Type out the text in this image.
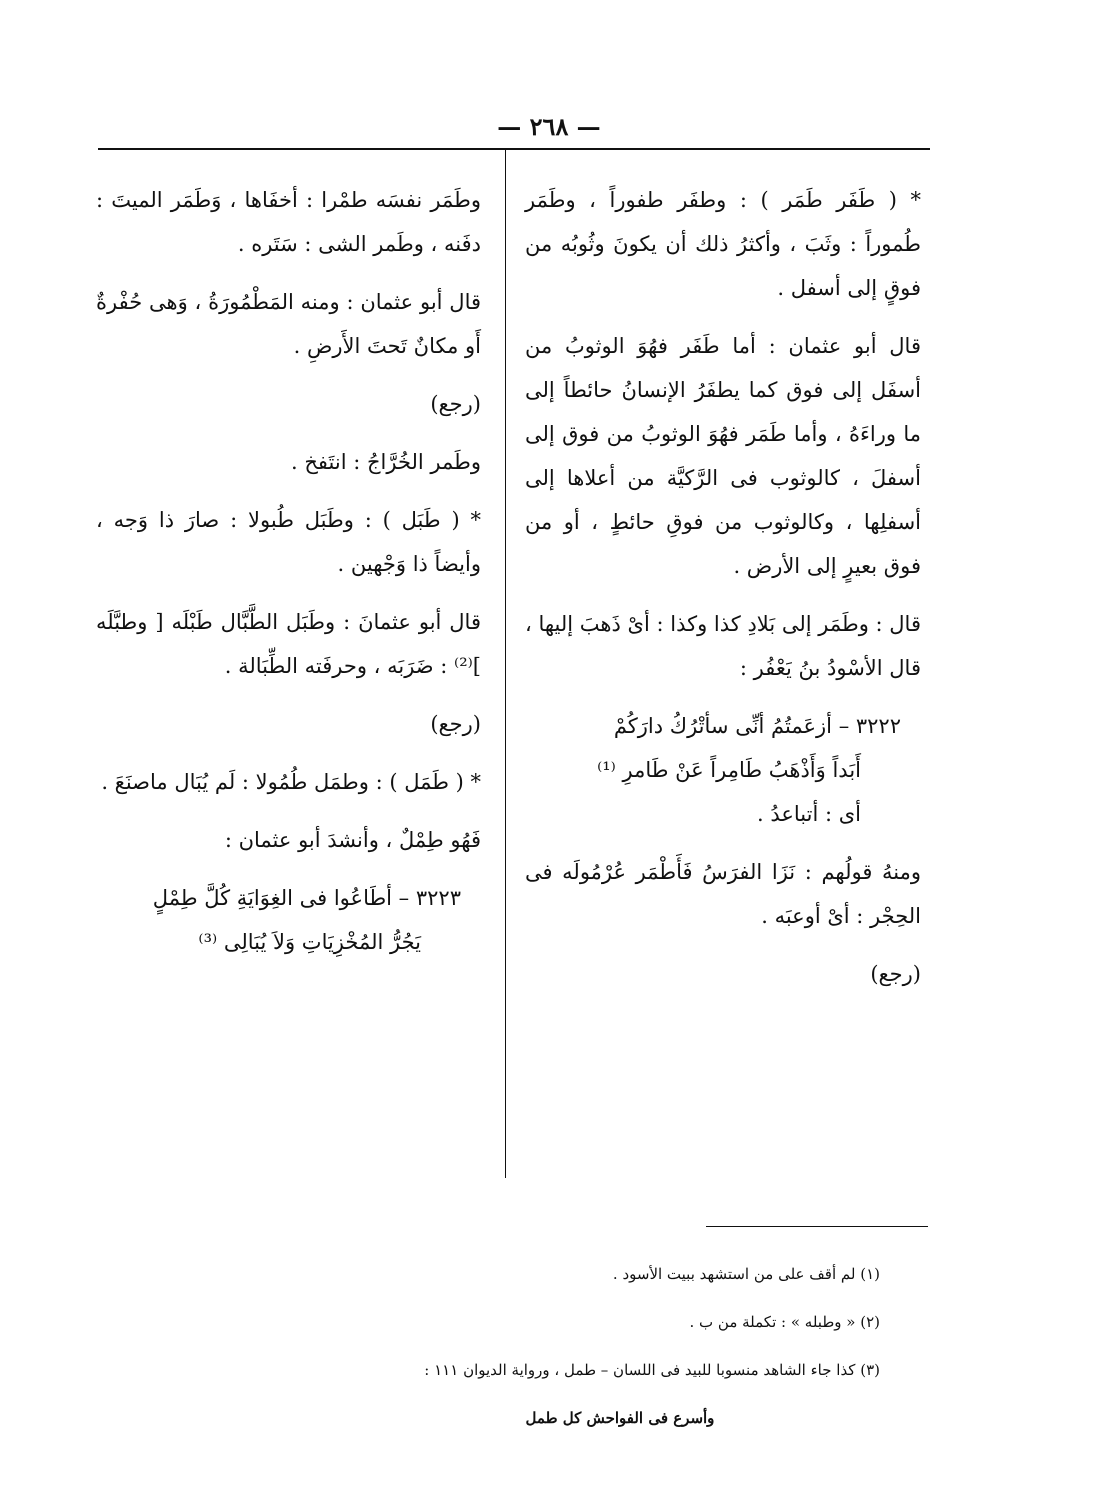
— ٢٦٨ —

* ( طَفَر طَمَر ) : وطفَر طفوراً ، وطَمَر طُموراً : وثَبَ ، وأكثرُ ذلك أن يكونَ وثُوبُه من فوقٍ إلى أسفل .

قال أبو عثمان : أما طَفَر فهُوَ الوثوبُ من أسفَل إلى فوق كما يطفَرُ الإنسانُ حائطاً إلى ما وراءَهُ ، وأما طَمَر فهُوَ الوثوبُ من فوق إلى أسفلَ ، كالوثوب فى الرَّكيَّة من أعلاها إلى أسفلِها ، وكالوثوب من فوقِ حائطٍ ، أو من فوق بعيرٍ إلى الأرض .

قال : وطَمَر إلى بَلادِ كذا وكذا : أىْ ذَهبَ إليها ، قال الأسْودُ بنُ يَعْفُر :

٣٢٢٢ – أزعَمتُمُ أنِّى سأتْرُكُ دارَكُمْ
أَبَداً وَأَذْهَبُ طَامِراً عَنْ طَامرِ ⁽¹⁾

أى : أتباعدُ .

ومنهُ قولُهم : نَزَا الفرَسُ فَأَطْمَر عُرْمُولَه فى الحِجْر : أىْ أوعبَه .

(رجع)

وطَمَر نفسَه طمْرا : أخفَاها ، وَطَمَر الميتَ : دفَنه ، وطَمر الشى : سَتَره .

قال أبو عثمان : ومنه المَطْمُورَةُ ، وَهى حُفْرةٌ أَو مكانٌ تَحتَ الأَرضِ .

(رجع)

وطَمر الخُرَّاجُ : انتَفخ .

* ( طَبَل ) : وطَبَل طُبولا : صارَ ذا وَجه ، وأيضاً ذا وَجْهين .

قال أبو عثمانَ : وطَبَل الطَّبَّال طَبْلَه [ وطبَّلَه ]⁽²⁾ : ضَرَبَه ، وحرفَته الطِّبَالة .

(رجع)

* ( طَمَل ) : وطمَل طُمُولا : لَم يُبَال ماصنَعَ .

فَهُو طِمْلٌ ، وأنشدَ أبو عثمان :

٣٢٢٣ – أطَاعُوا فى الغِوَايَةِ كُلَّ طِمْلٍ
يَجُرُّ المُخْزِيَاتِ وَلاَ يُبَالِى ⁽³⁾
(١) لم أقف على من استشهد ببيت الأسود .
(٢) « وطبله » : تكملة من ب .
(٣) كذا جاء الشاهد منسوبا للبيد فى اللسان – طمل ، ورواية الديوان ١١١ :
وأسرع فى الفواحش كل طمل
